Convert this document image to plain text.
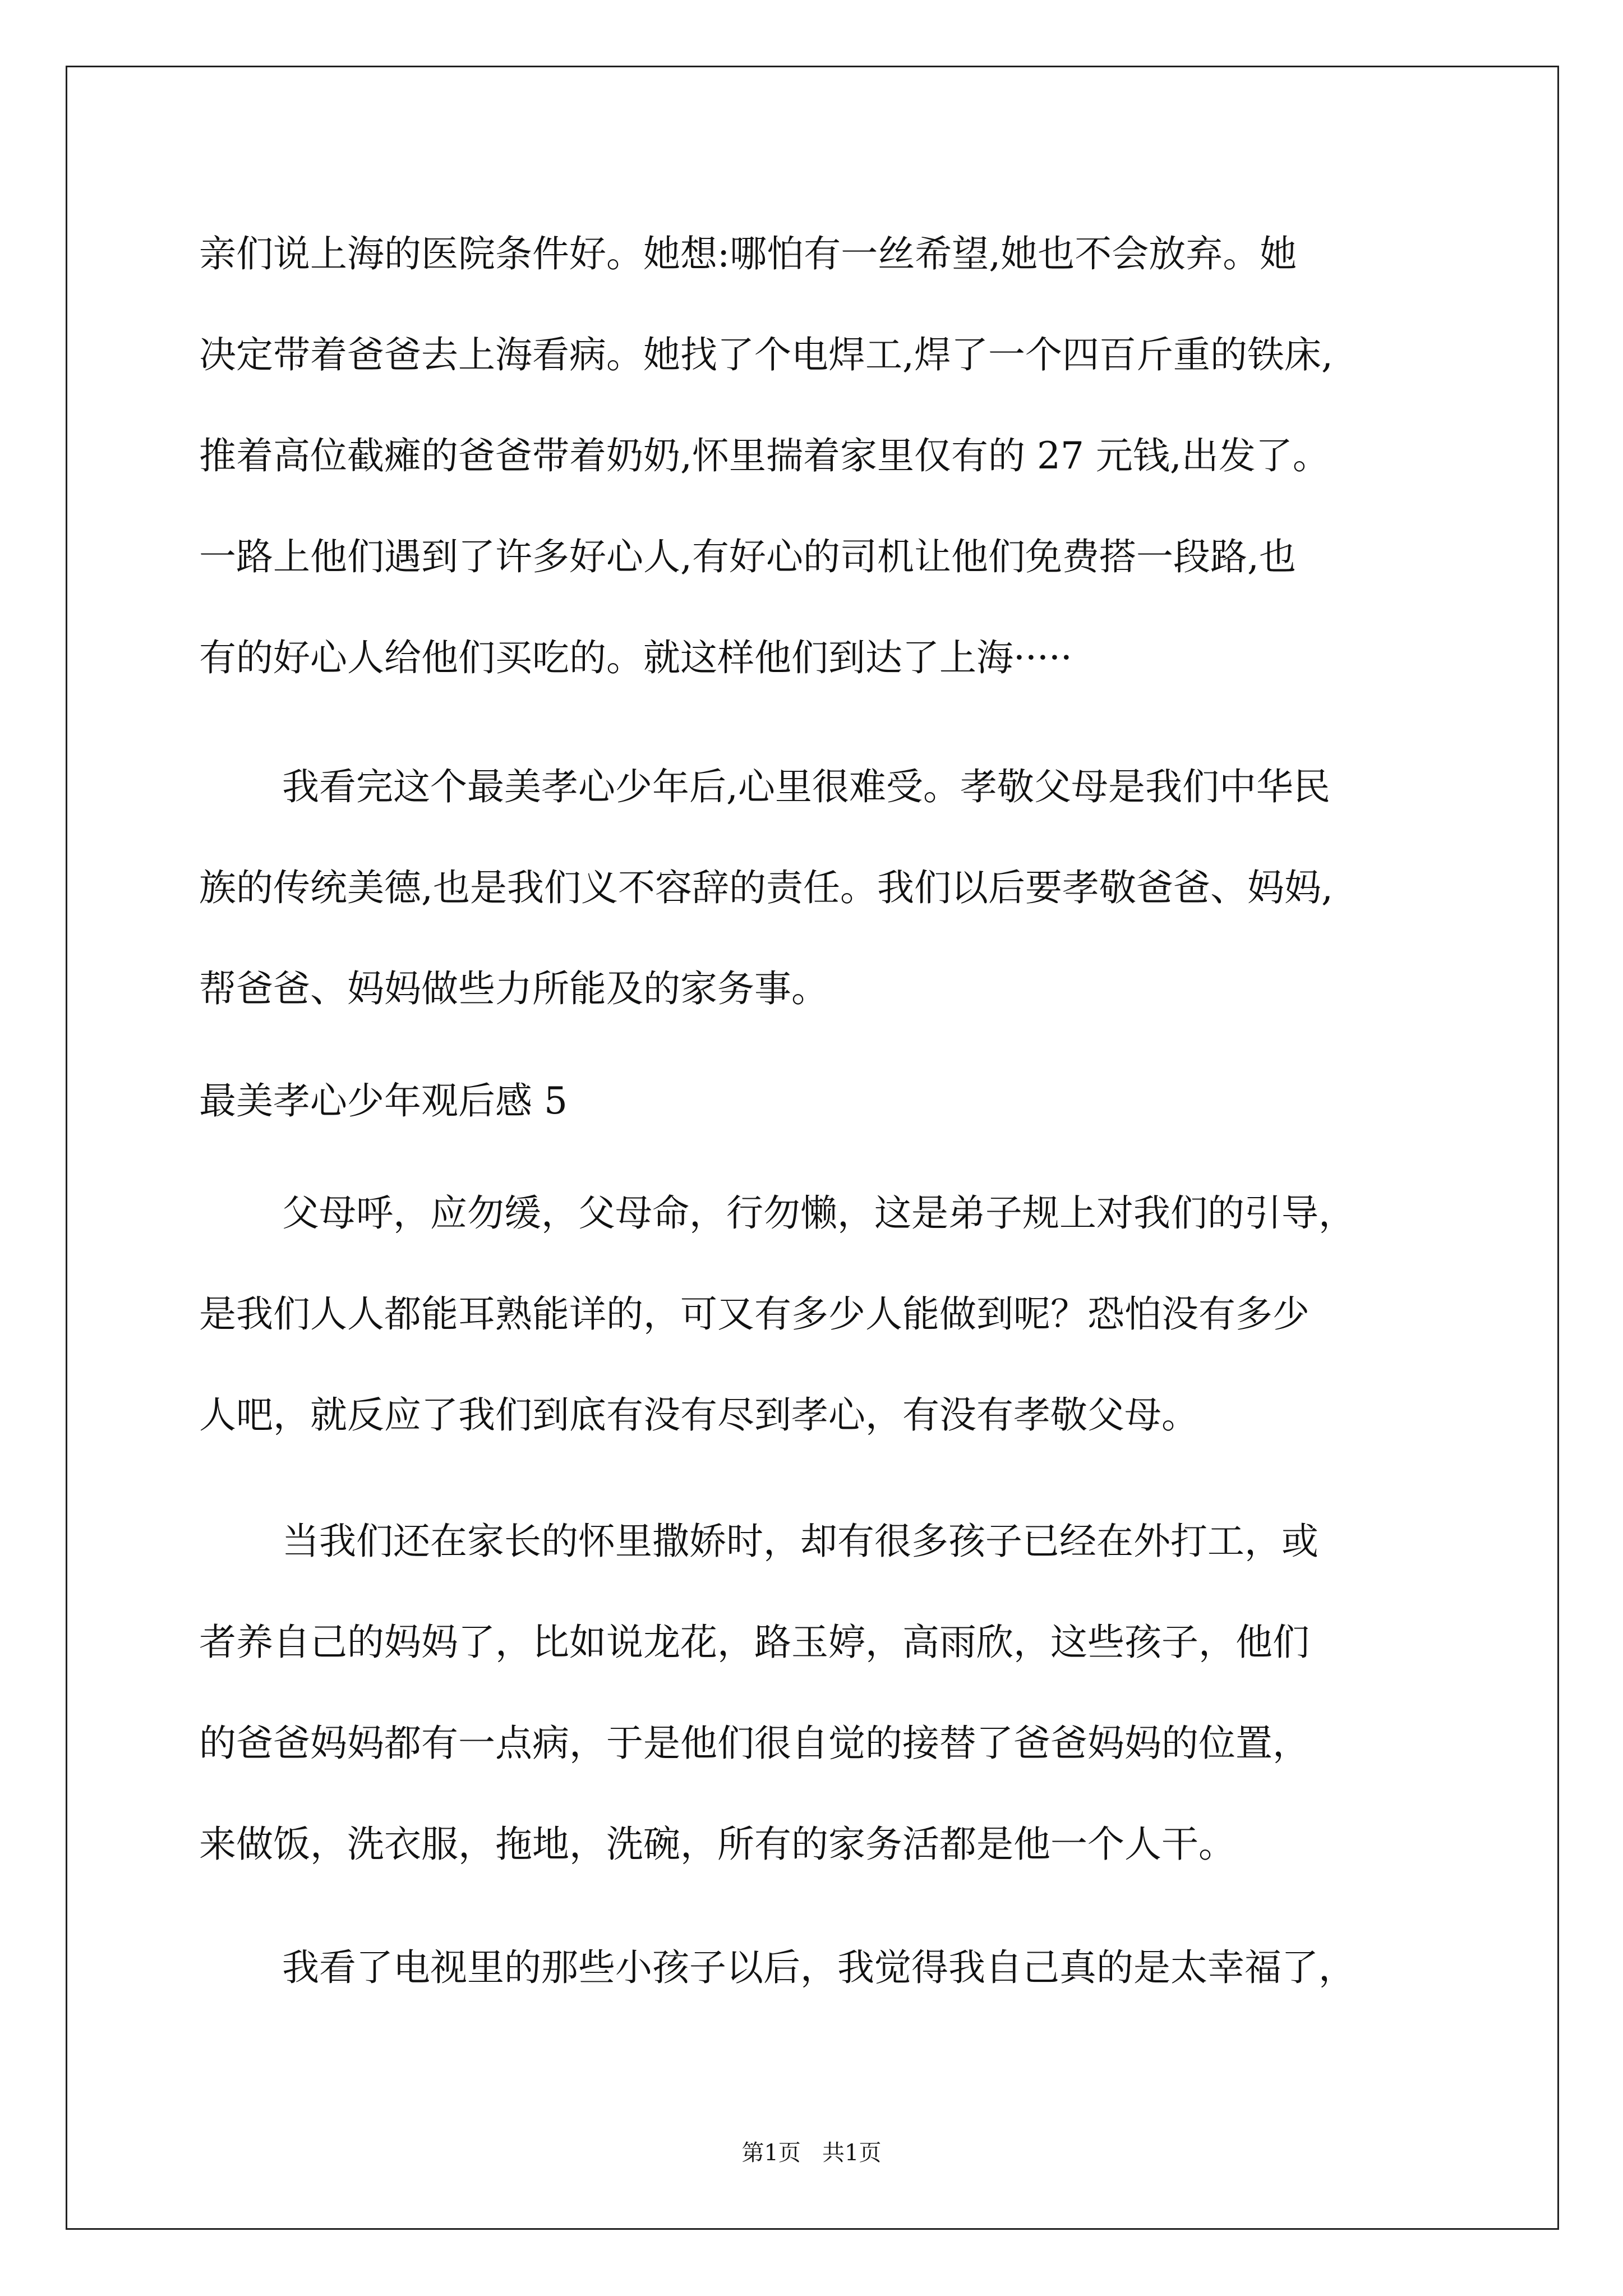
亲们说上海的医院条件好。她想:哪怕有一丝希望,她也不会放弃。她
决定带着爸爸去上海看病。她找了个电焊工,焊了一个四百斤重的铁床,
推着高位截瘫的爸爸带着奶奶,怀里揣着家里仅有的 27 元钱,出发了。
一路上他们遇到了许多好心人,有好心的司机让他们免费搭一段路,也
有的好心人给他们买吃的。就这样他们到达了上海·····
我看完这个最美孝心少年后,心里很难受。孝敬父母是我们中华民
族的传统美德,也是我们义不容辞的责任。我们以后要孝敬爸爸、妈妈,
帮爸爸、妈妈做些力所能及的家务事。
最美孝心少年观后感 5
父母呼，应勿缓，父母命，行勿懒，这是弟子规上对我们的引导，
是我们人人都能耳熟能详的，可又有多少人能做到呢？恐怕没有多少
人吧，就反应了我们到底有没有尽到孝心，有没有孝敬父母。
当我们还在家长的怀里撒娇时，却有很多孩子已经在外打工，或
者养自己的妈妈了，比如说龙花，路玉婷，高雨欣，这些孩子，他们
的爸爸妈妈都有一点病，于是他们很自觉的接替了爸爸妈妈的位置，
来做饭，洗衣服，拖地，洗碗，所有的家务活都是他一个人干。
我看了电视里的那些小孩子以后，我觉得我自己真的是太幸福了，
第1页   共1页
